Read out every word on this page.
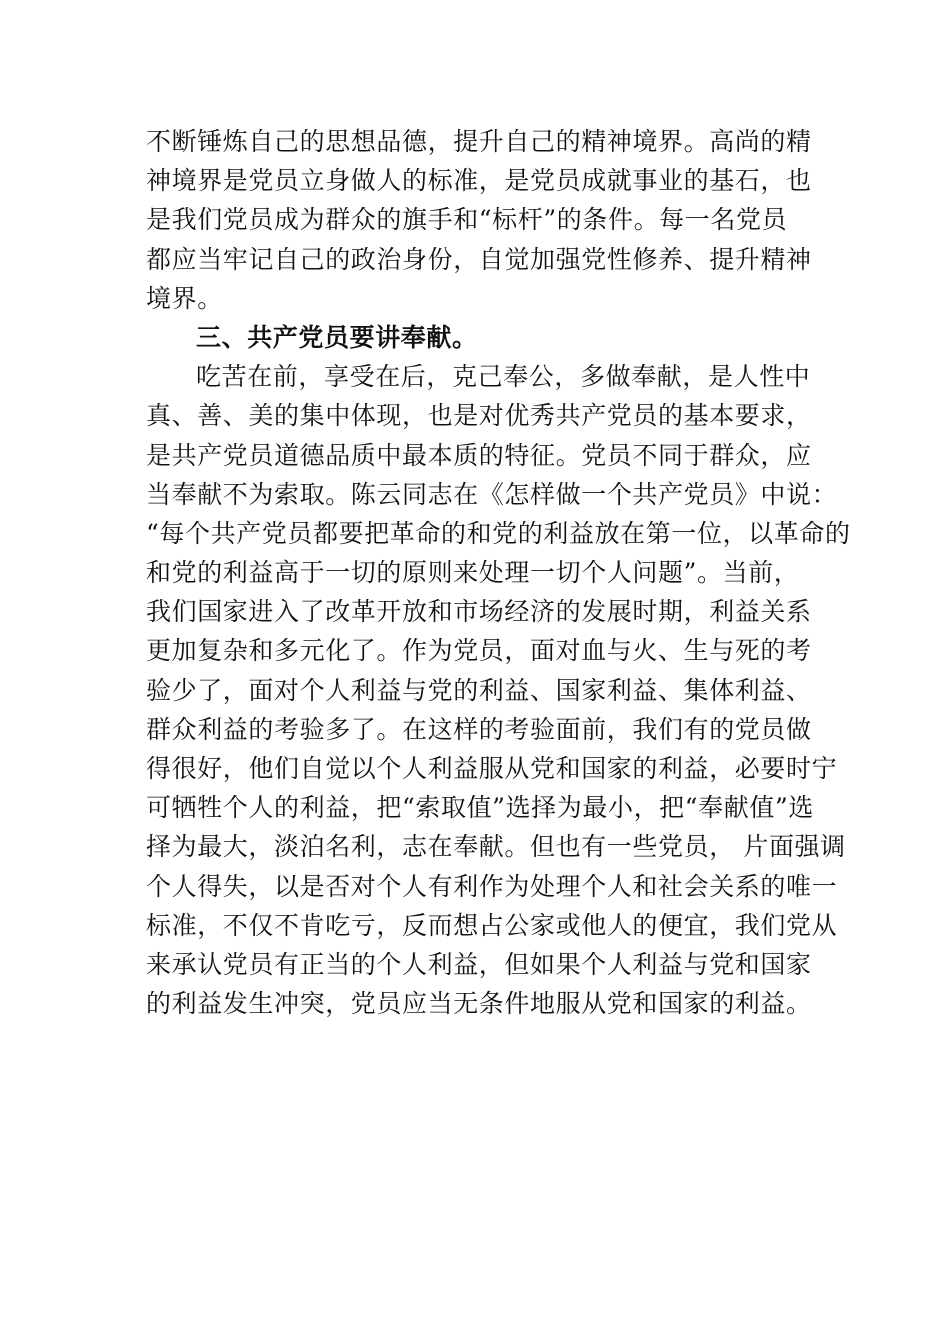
不断锤炼自己的思想品德，提升自己的精神境界。高尚的精
神境界是党员立身做人的标准，是党员成就事业的基石，也
是我们党员成为群众的旗手和“标杆”的条件。每一名党员
都应当牢记自己的政治身份，自觉加强党性修养、提升精神
境界。
三、共产党员要讲奉献。
吃苦在前，享受在后，克己奉公，多做奉献，是人性中
真、善、美的集中体现，也是对优秀共产党员的基本要求，
是共产党员道德品质中最本质的特征。党员不同于群众，应
当奉献不为索取。陈云同志在《怎样做一个共产党员》中说：
“每个共产党员都要把革命的和党的利益放在第一位，以革命的
和党的利益高于一切的原则来处理一切个人问题”。当前，
我们国家进入了改革开放和市场经济的发展时期，利益关系
更加复杂和多元化了。作为党员，面对血与火、生与死的考
验少了，面对个人利益与党的利益、国家利益、集体利益、
群众利益的考验多了。在这样的考验面前，我们有的党员做
得很好，他们自觉以个人利益服从党和国家的利益，必要时宁
可牺牲个人的利益，把“索取值”选择为最小，把“奉献值”选
择为最大，淡泊名利，志在奉献。但也有一些党员， 片面强调
个人得失，以是否对个人有利作为处理个人和社会关系的唯一
标准，不仅不肯吃亏，反而想占公家或他人的便宜，我们党从
来承认党员有正当的个人利益，但如果个人利益与党和国家
的利益发生冲突，党员应当无条件地服从党和国家的利益。
